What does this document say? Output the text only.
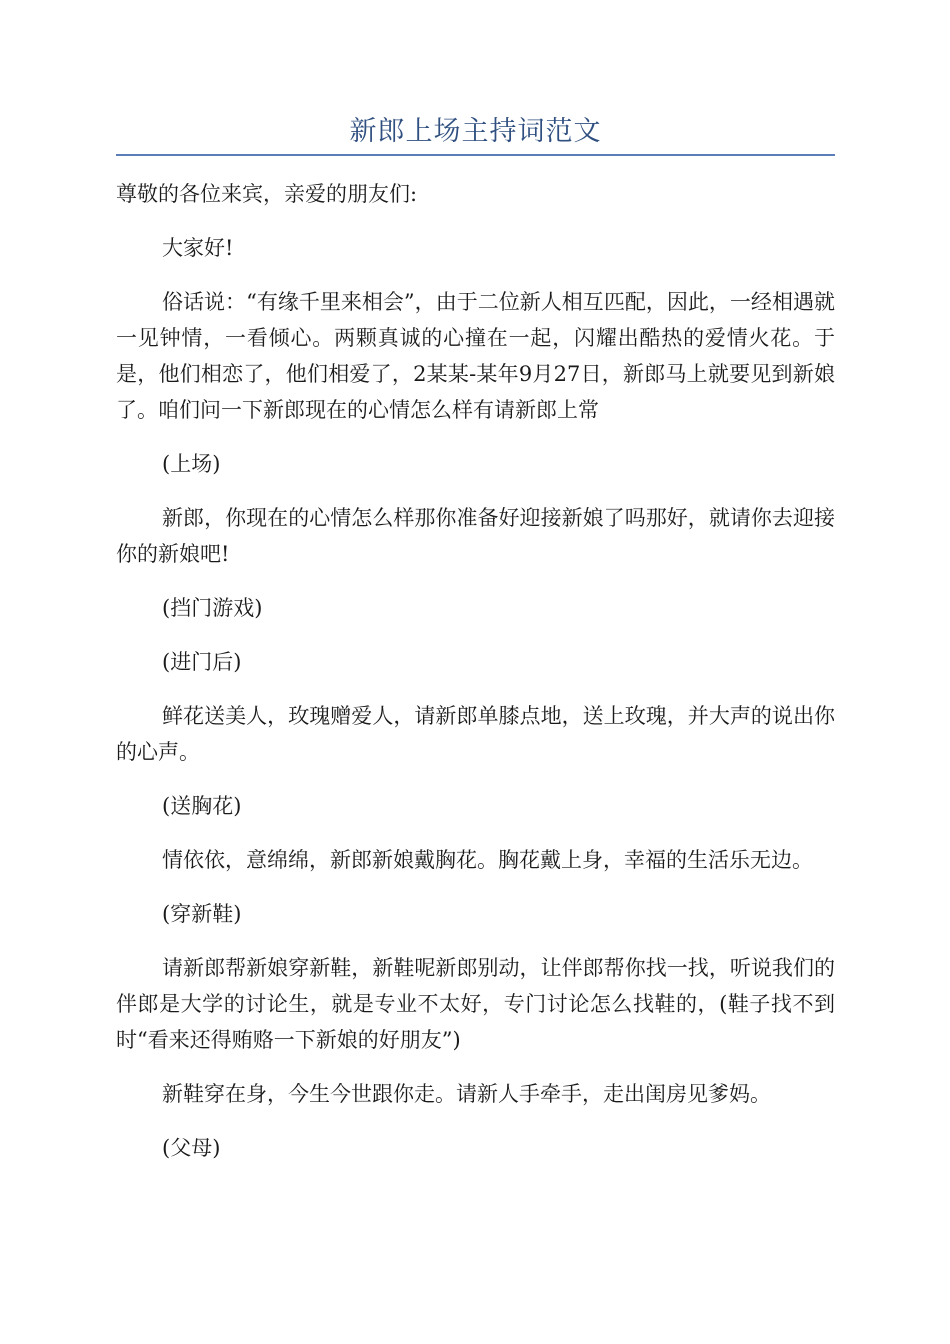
新郎上场主持词范文

尊敬的各位来宾，亲爱的朋友们:

大家好!

俗话说：“有缘千里来相会”，由于二位新人相互匹配，因此，一经相遇就一见钟情，一看倾心。两颗真诚的心撞在一起，闪耀出酷热的爱情火花。于是，他们相恋了，他们相爱了，2某某-某年9月27日，新郎马上就要见到新娘了。咱们问一下新郎现在的心情怎么样有请新郎上常

(上场)

新郎，你现在的心情怎么样那你准备好迎接新娘了吗那好，就请你去迎接你的新娘吧!

(挡门游戏)

(进门后)

鲜花送美人，玫瑰赠爱人，请新郎单膝点地，送上玫瑰，并大声的说出你的心声。

(送胸花)

情依依，意绵绵，新郎新娘戴胸花。胸花戴上身，幸福的生活乐无边。

(穿新鞋)

请新郎帮新娘穿新鞋，新鞋呢新郎别动，让伴郎帮你找一找，听说我们的伴郎是大学的讨论生，就是专业不太好，专门讨论怎么找鞋的，(鞋子找不到时“看来还得贿赂一下新娘的好朋友”)

新鞋穿在身，今生今世跟你走。请新人手牵手，走出闺房见爹妈。

(父母)
